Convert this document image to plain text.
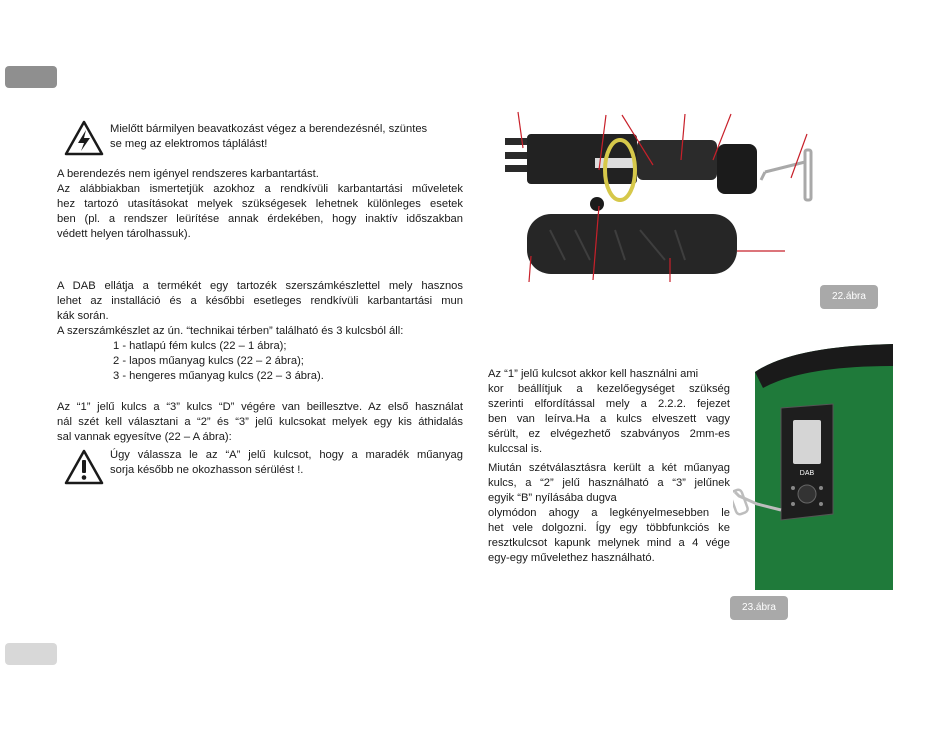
Mielőtt bármilyen beavatkozást végez a berendezésnél, szüntes
se meg az elektromos táplálást!
A berendezés nem igényel rendszeres karbantartást.
Az alábbiakban ismertetjük azokhoz a rendkívüli karbantartási műveletek
hez tartozó utasításokat melyek szükségesek lehetnek különleges esetek
ben (pl. a rendszer leürítése annak érdekében, hogy inaktív időszakban
védett helyen tárolhassuk).
A DAB ellátja a termékét egy tartozék szerszámkészlettel mely hasznos
lehet az installáció és a későbbi esetleges rendkívüli karbantartási mun
kák során.
A szerszámkészlet az ún. “technikai térben” található és 3 kulcsból áll:
1 - hatlapú fém kulcs (22 – 1 ábra);
2 - lapos műanyag kulcs (22 – 2 ábra);
3 - hengeres műanyag kulcs (22 – 3 ábra).
Az “1” jelű kulcs a “3” kulcs “D” végére van beillesztve. Az első használat
nál szét kell választani a “2” és “3” jelű kulcsokat melyek egy kis áthidalás
sal vannak egyesítve (22 – A ábra):
Úgy válassza le az “A” jelű kulcsot, hogy a maradék műanyag
sorja később ne okozhasson sérülést !.
22.ábra
Az “1” jelű kulcsot akkor kell használni ami
kor beállítjuk a kezelőegységet szükség
szerinti elfordítással mely a 2.2.2. fejezet
ben van leírva.Ha a kulcs elveszett vagy
sérült, ez elvégezhető szabványos 2mm-es
kulccsal is.
Miután szétválasztásra került a két műanyag
kulcs, a “2” jelű használható a “3” jelűnek
egyik “B” nyílásába dugva
olymódon ahogy a legkényelmesebben le
het vele dolgozni. Így egy többfunkciós ke
resztkulcsot kapunk melynek mind a 4 vége
egy-egy művelethez használható.
DAB
23.ábra
